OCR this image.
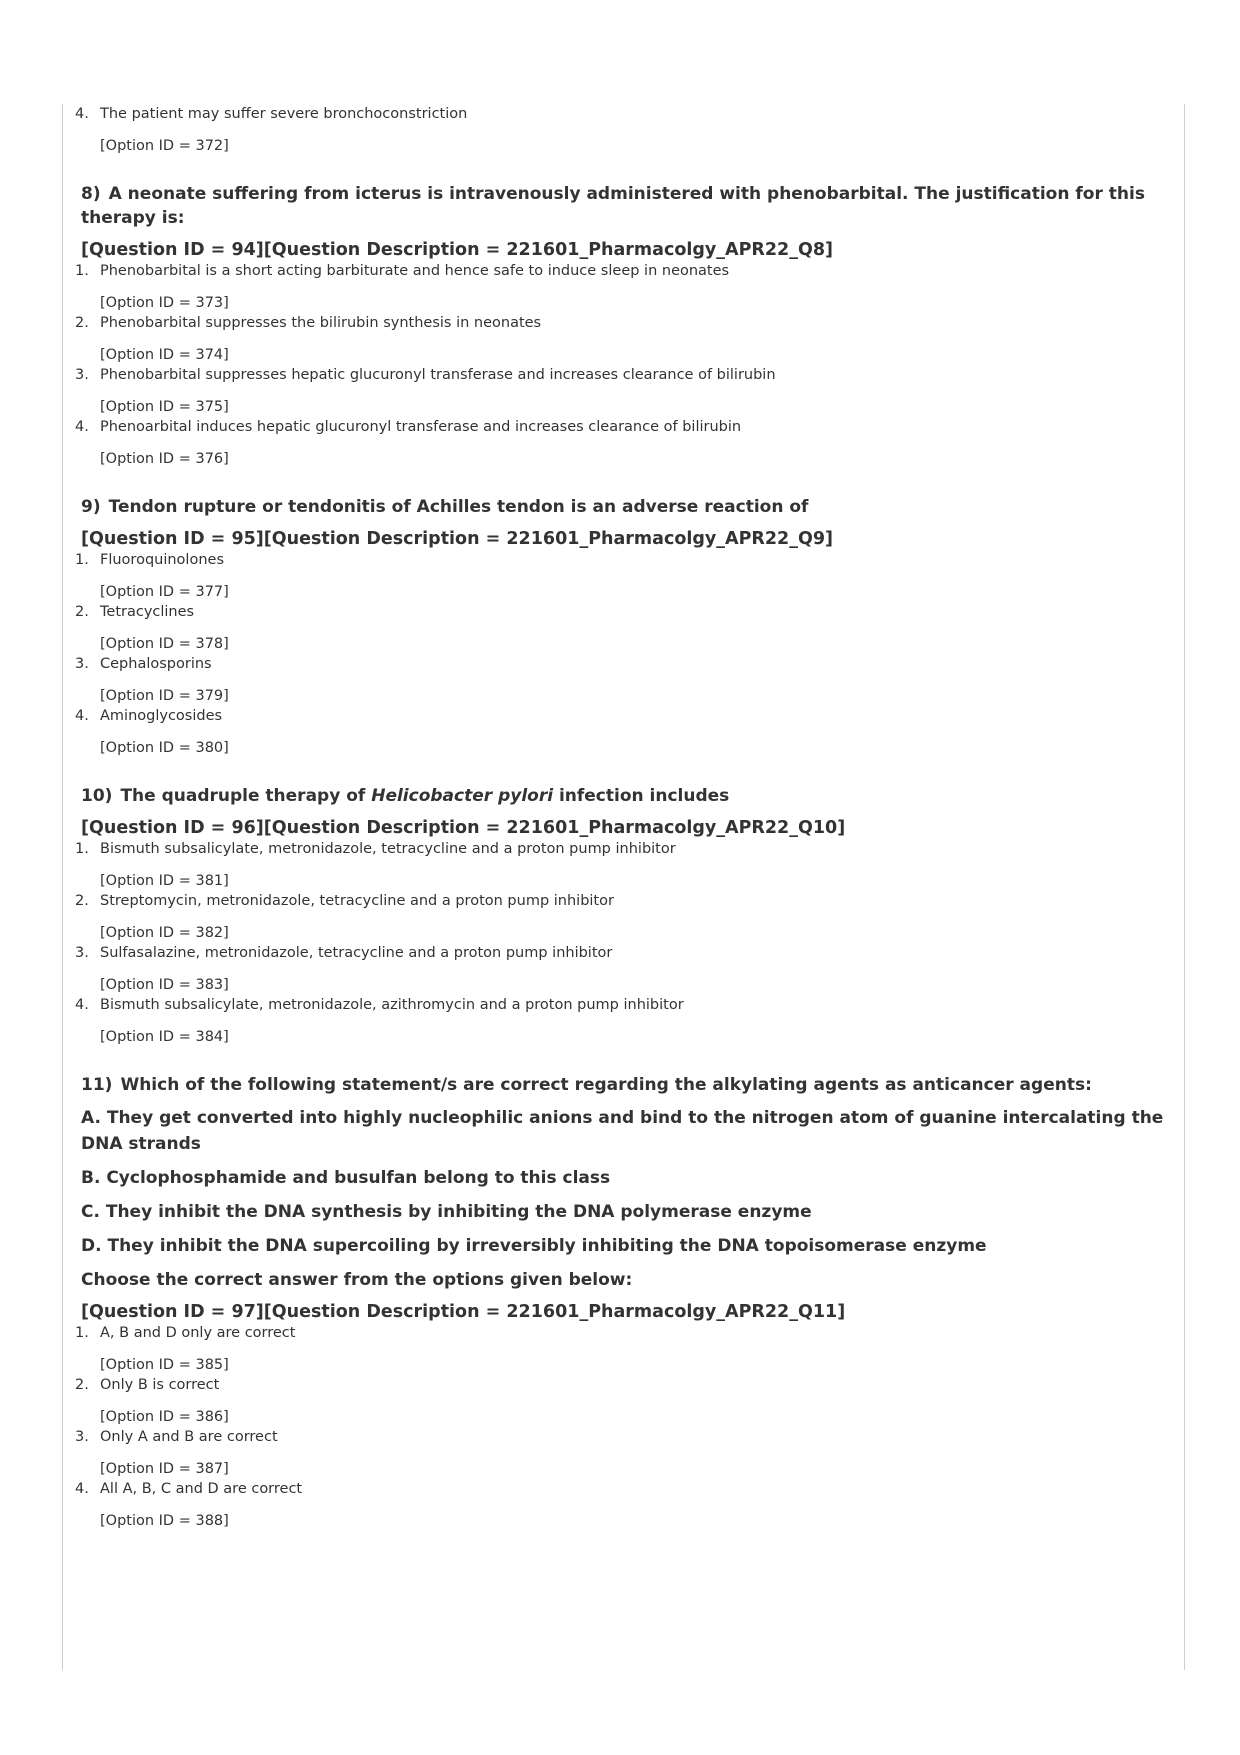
4. The patient may suffer severe bronchoconstriction
[Option ID = 372]
8) A neonate suffering from icterus is intravenously administered with phenobarbital. The justification for this therapy is:
[Question ID = 94][Question Description = 221601_Pharmacolgy_APR22_Q8]
1. Phenobarbital is a short acting barbiturate and hence safe to induce sleep in neonates
[Option ID = 373]
2. Phenobarbital suppresses the bilirubin synthesis in neonates
[Option ID = 374]
3. Phenobarbital suppresses hepatic glucuronyl transferase and increases clearance of bilirubin
[Option ID = 375]
4. Phenoarbital induces hepatic glucuronyl transferase and increases clearance of bilirubin
[Option ID = 376]
9) Tendon rupture or tendonitis of Achilles tendon is an adverse reaction of
[Question ID = 95][Question Description = 221601_Pharmacolgy_APR22_Q9]
1. Fluoroquinolones
[Option ID = 377]
2. Tetracyclines
[Option ID = 378]
3. Cephalosporins
[Option ID = 379]
4. Aminoglycosides
[Option ID = 380]
10) The quadruple therapy of Helicobacter pylori infection includes
[Question ID = 96][Question Description = 221601_Pharmacolgy_APR22_Q10]
1. Bismuth subsalicylate, metronidazole, tetracycline and a proton pump inhibitor
[Option ID = 381]
2. Streptomycin, metronidazole, tetracycline and a proton pump inhibitor
[Option ID = 382]
3. Sulfasalazine, metronidazole, tetracycline and a proton pump inhibitor
[Option ID = 383]
4. Bismuth subsalicylate, metronidazole, azithromycin and a proton pump inhibitor
[Option ID = 384]
11) Which of the following statement/s are correct regarding the alkylating agents as anticancer agents:
A. They get converted into highly nucleophilic anions and bind to the nitrogen atom of guanine intercalating the DNA strands
B. Cyclophosphamide and busulfan belong to this class
C. They inhibit the DNA synthesis by inhibiting the DNA polymerase enzyme
D. They inhibit the DNA supercoiling by irreversibly inhibiting the DNA topoisomerase enzyme
Choose the correct answer from the options given below:
[Question ID = 97][Question Description = 221601_Pharmacolgy_APR22_Q11]
1. A, B and D only are correct
[Option ID = 385]
2. Only B is correct
[Option ID = 386]
3. Only A and B are correct
[Option ID = 387]
4. All A, B, C and D are correct
[Option ID = 388]
